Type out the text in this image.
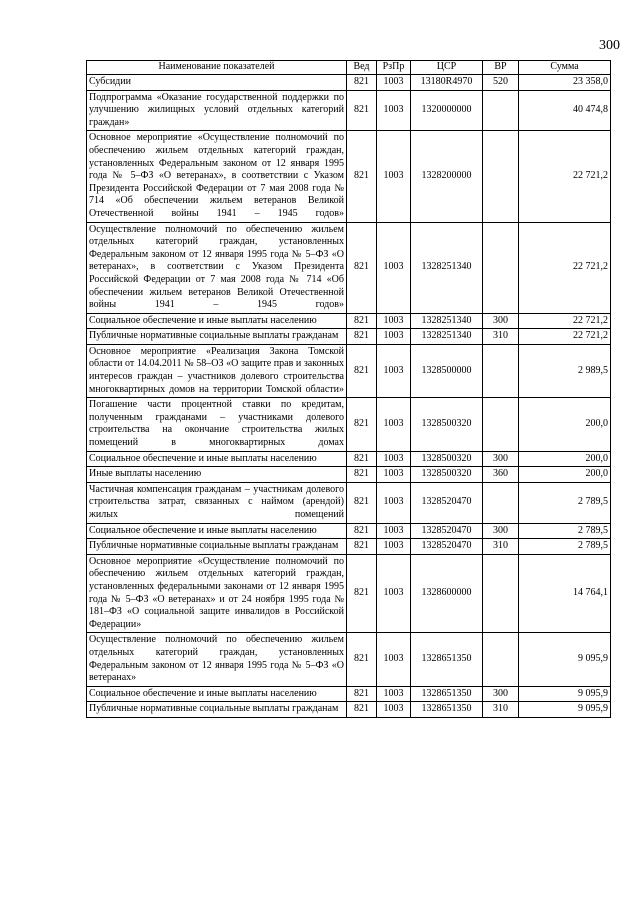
300
Наименование показателей	Вед	РзПр	ЦСР	ВР	Сумма
Субсидии	821	1003	13180R4970	520	23 358,0
Подпрограмма «Оказание государственной поддержки по улучшению жилищных условий отдельных категорий граждан»	821	1003	1320000000		40 474,8
Основное мероприятие «Осуществление полномочий по обеспечению жильем отдельных категорий граждан, установленных Федеральным законом от 12 января 1995 года № 5–ФЗ «О ветеранах», в соответствии с Указом Президента Российской Федерации от 7 мая 2008 года № 714 «Об обеспечении жильем ветеранов Великой Отечественной войны 1941 – 1945 годов»	821	1003	1328200000		22 721,2
Осуществление полномочий по обеспечению жильем отдельных категорий граждан, установленных Федеральным законом от 12 января 1995 года № 5–ФЗ «О ветеранах», в соответствии с Указом Президента Российской Федерации от 7 мая 2008 года № 714 «Об обеспечении жильем ветеранов Великой Отечественной войны 1941 – 1945 годов»	821	1003	1328251340		22 721,2
Социальное обеспечение и иные выплаты населению	821	1003	1328251340	300	22 721,2
Публичные нормативные социальные выплаты гражданам	821	1003	1328251340	310	22 721,2
Основное мероприятие «Реализация Закона Томской области от 14.04.2011 № 58–ОЗ «О защите прав и законных интересов граждан – участников долевого строительства многоквартирных домов на территории Томской области»	821	1003	1328500000		2 989,5
Погашение части процентной ставки по кредитам, полученным гражданами – участниками долевого строительства на окончание строительства жилых помещений в многоквартирных домах	821	1003	1328500320		200,0
Социальное обеспечение и иные выплаты населению	821	1003	1328500320	300	200,0
Иные выплаты населению	821	1003	1328500320	360	200,0
Частичная компенсация гражданам – участникам долевого строительства затрат, связанных с наймом (арендой) жилых помещений	821	1003	1328520470		2 789,5
Социальное обеспечение и иные выплаты населению	821	1003	1328520470	300	2 789,5
Публичные нормативные социальные выплаты гражданам	821	1003	1328520470	310	2 789,5
Основное мероприятие «Осуществление полномочий по обеспечению жильем отдельных категорий граждан, установленных федеральными законами от 12 января 1995 года № 5–ФЗ «О ветеранах» и от 24 ноября 1995 года № 181–ФЗ «О социальной защите инвалидов в Российской Федерации»	821	1003	1328600000		14 764,1
Осуществление полномочий по обеспечению жильем отдельных категорий граждан, установленных Федеральным законом от 12 января 1995 года № 5–ФЗ «О ветеранах»	821	1003	1328651350		9 095,9
Социальное обеспечение и иные выплаты населению	821	1003	1328651350	300	9 095,9
Публичные нормативные социальные выплаты гражданам	821	1003	1328651350	310	9 095,9
